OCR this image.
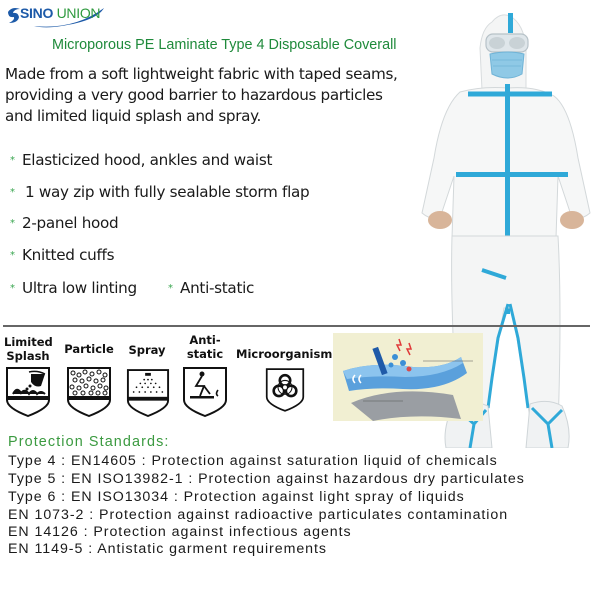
SINO UNION
Microporous PE Laminate Type 4 Disposable Coverall
Made from a soft lightweight fabric with taped seams,
providing a very good barrier to hazardous particles
and limited liquid splash and spray.
* Elasticized hood, ankles and waist
* 1 way zip with fully sealable storm flap
* 2-panel hood
* Knitted cuffs
* Ultra low linting	* Anti-static
Limited
Splash Particle	Spray
Anti-
static	Microorganism
Protection Standards:
Type 4 : EN14605 : Protection against saturation liquid of chemicals
Type 5 : EN ISO13982-1 : Protection against hazardous dry particulates
Type 6 : EN ISO13034 : Protection against light spray of liquids
EN 1073-2 : Protection against radioactive particulates contamination
EN 14126 : Protection against infectious agents
EN 1149-5 : Antistatic garment requirements
